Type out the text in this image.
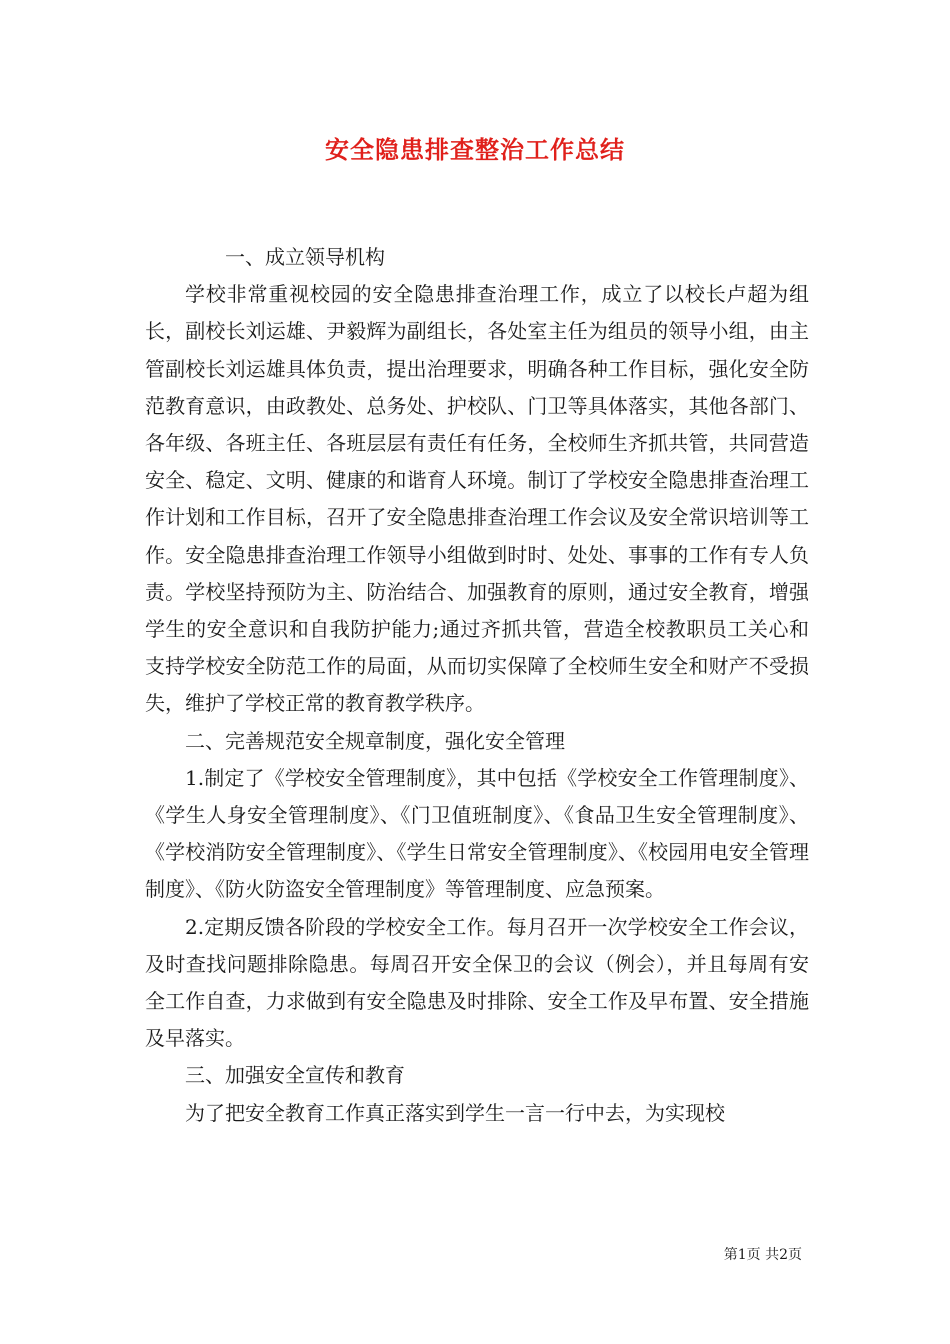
安全隐患排查整治工作总结

一、成立领导机构

学校非常重视校园的安全隐患排查治理工作，成立了以校长卢超为组长，副校长刘运雄、尹毅辉为副组长，各处室主任为组员的领导小组，由主管副校长刘运雄具体负责，提出治理要求，明确各种工作目标，强化安全防范教育意识，由政教处、总务处、护校队、门卫等具体落实，其他各部门、各年级、各班主任、各班层层有责任有任务，全校师生齐抓共管，共同营造安全、稳定、文明、健康的和谐育人环境。制订了学校安全隐患排查治理工作计划和工作目标，召开了安全隐患排查治理工作会议及安全常识培训等工作。安全隐患排查治理工作领导小组做到时时、处处、事事的工作有专人负责。学校坚持预防为主、防治结合、加强教育的原则，通过安全教育，增强学生的安全意识和自我防护能力;通过齐抓共管，营造全校教职员工关心和支持学校安全防范工作的局面，从而切实保障了全校师生安全和财产不受损失，维护了学校正常的教育教学秩序。

二、完善规范安全规章制度，强化安全管理

1.制定了《学校安全管理制度》，其中包括《学校安全工作管理制度》、《学生人身安全管理制度》、《门卫值班制度》、《食品卫生安全管理制度》、《学校消防安全管理制度》、《学生日常安全管理制度》、《校园用电安全管理制度》、《防火防盗安全管理制度》等管理制度、应急预案。

2.定期反馈各阶段的学校安全工作。每月召开一次学校安全工作会议，及时查找问题排除隐患。每周召开安全保卫的会议（例会），并且每周有安全工作自查，力求做到有安全隐患及时排除、安全工作及早布置、安全措施及早落实。

三、加强安全宣传和教育

为了把安全教育工作真正落实到学生一言一行中去，为实现校

第1页 共2页
